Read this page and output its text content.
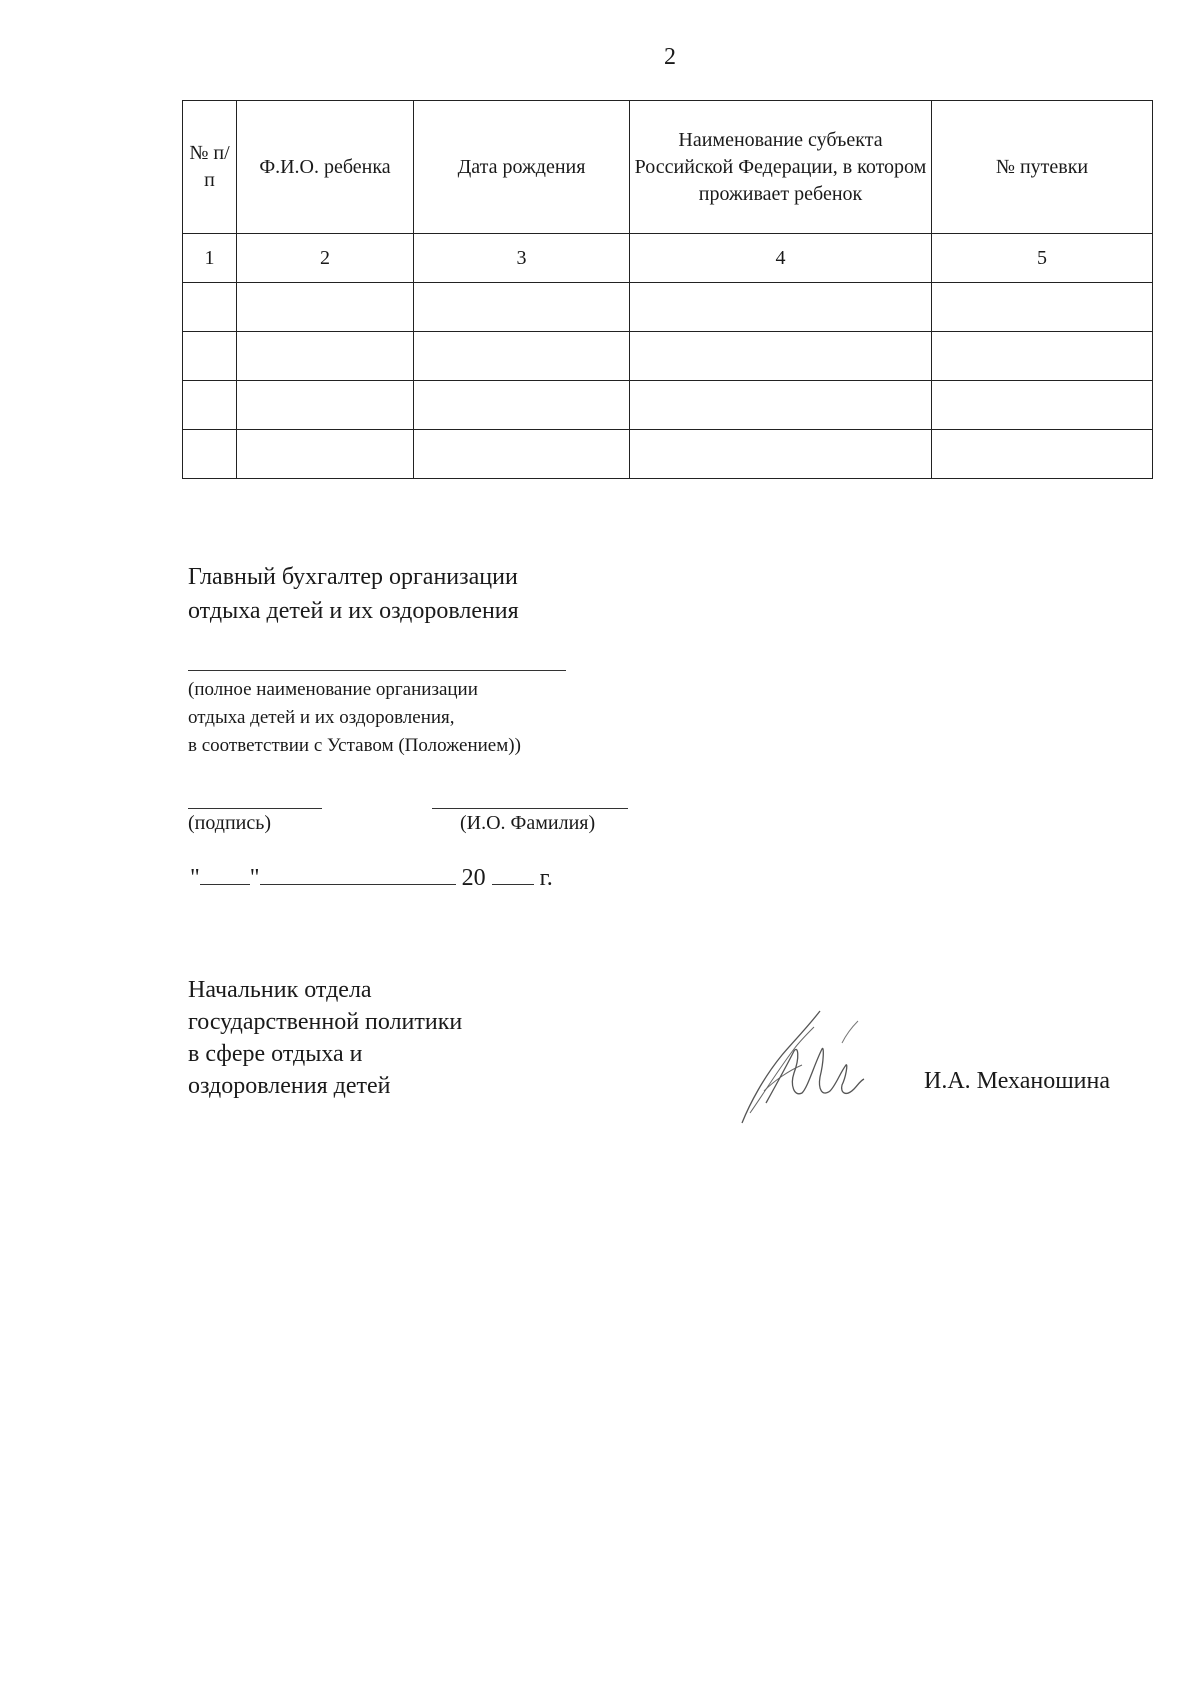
2
№ п/п	Ф.И.О. ребенка	Дата рождения	Наименование субъекта Российской Федерации, в котором проживает ребенок	№ путевки
1	2	3	4	5

Главный бухгалтер организации
отдыха детей и их оздоровления
(полное наименование организации
отдыха детей и их оздоровления,
в соответствии с Уставом (Положением))
(подпись)	(И.О. Фамилия)
" "	20 г.
Начальник отдела
государственной политики
в сфере отдыха и
оздоровления детей	И.А. Механошина
